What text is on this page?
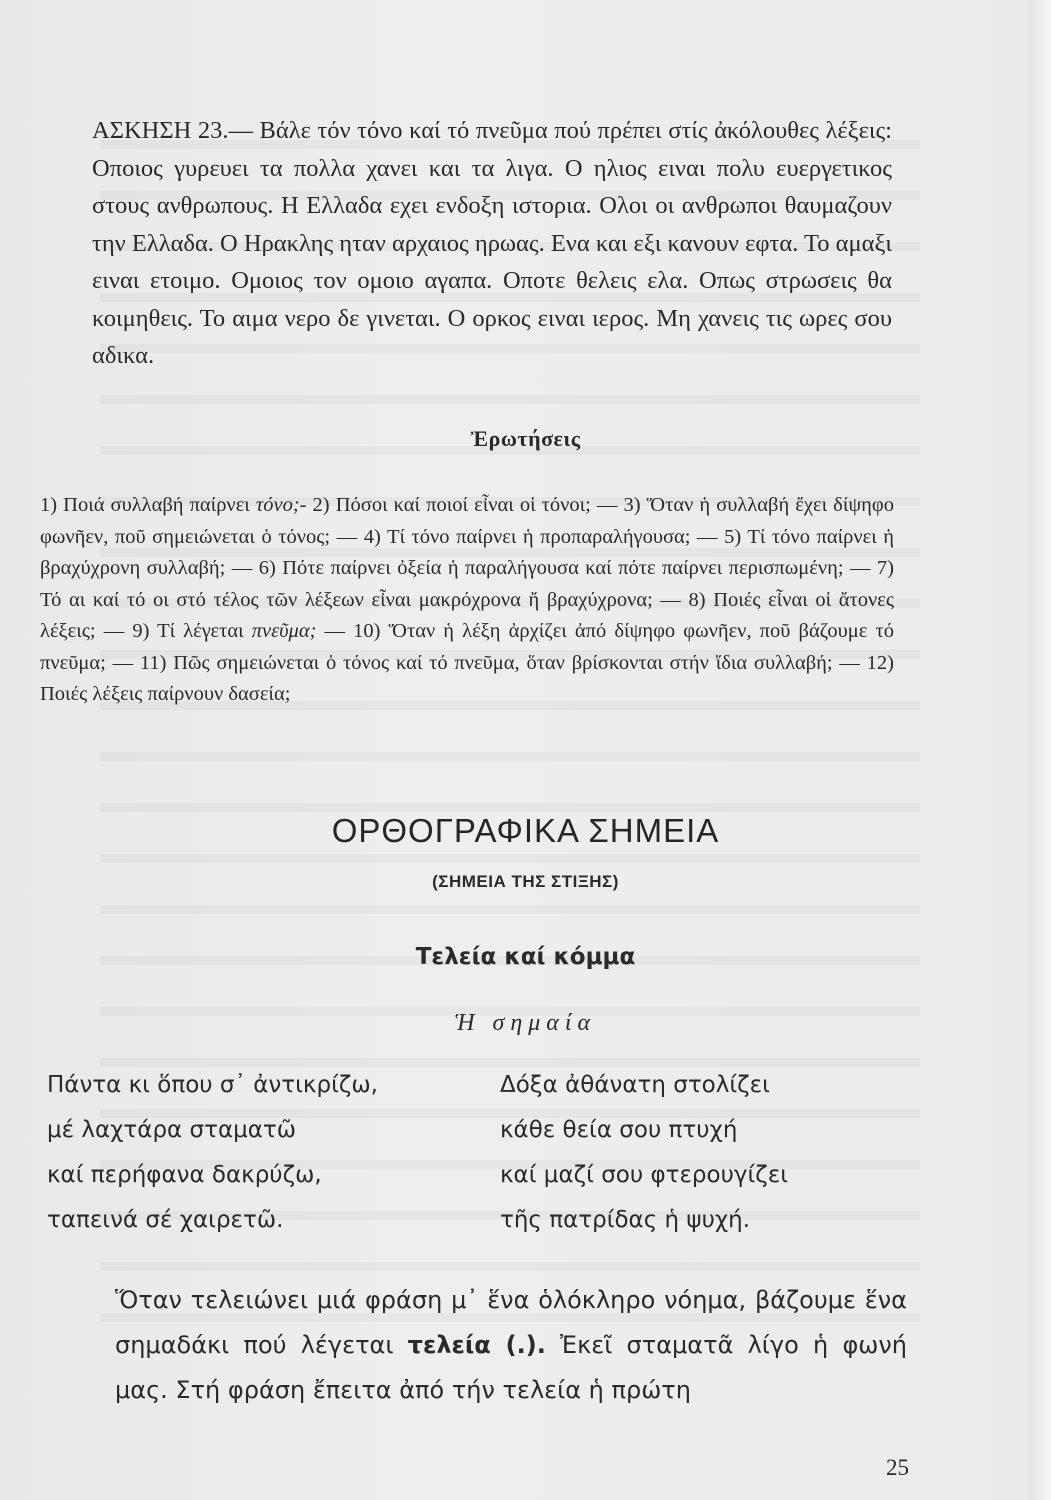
ΑΣΚΗΣΗ 23.— Βάλε τόν τόνο καί τό πνεῦμα πού πρέπει στίς ἀκόλουθες λέξεις: Οποιος γυρευει τα πολλα χανει και τα λιγα. Ο ηλιος ειναι πολυ ευεργετικος στους ανθρωπους. Η Ελλαδα εχει ενδοξη ιστορια. Ολοι οι ανθρωποι θαυμαζουν την Ελλαδα. Ο Ηρακλης ηταν αρχαιος ηρωας. Ενα και εξι κανουν εφτα. Το αμαξι ειναι ετοιμο. Ομοιος τον ομοιο αγαπα. Οποτε θελεις ελα. Οπως στρωσεις θα κοιμηθεις. Το αιμα νερο δε γινεται. Ο ορκος ειναι ιερος. Μη χανεις τις ωρες σου αδικα.
Ἐρωτήσεις
1) Ποιά συλλαβή παίρνει τόνο;- 2) Πόσοι καί ποιοί εἶναι οἱ τόνοι; — 3) Ὅταν ἡ συλλαβή ἔχει δίψηφο φωνῆεν, ποῦ σημειώνεται ὁ τόνος; — 4) Τί τόνο παίρνει ἡ προπαραλήγουσα; — 5) Τί τόνο παίρνει ἡ βραχύχρονη συλλαβή; — 6) Πότε παίρνει ὀξεία ἡ παραλήγουσα καί πότε παίρνει περισπωμένη; — 7) Τό αι καί τό οι στό τέλος τῶν λέξεων εἶναι μακρόχρονα ἤ βραχύχρονα; — 8) Ποιές εἶναι οἱ ἄτονες λέξεις; — 9) Τί λέγεται πνεῦμα; — 10) Ὅταν ἡ λέξη ἀρχίζει ἀπό δίψηφο φωνῆεν, ποῦ βάζουμε τό πνεῦμα; — 11) Πῶς σημειώνεται ὁ τόνος καί τό πνεῦμα, ὅταν βρίσκονται στήν ἴδια συλλαβή; — 12) Ποιές λέξεις παίρνουν δασεία;
ΟΡΘΟΓΡΑΦΙΚΑ ΣΗΜΕΙΑ
(ΣΗΜΕΙΑ ΤΗΣ ΣΤΙΞΗΣ)
Τελεία καί κόμμα
Ἡ σημαία
Πάντα κι ὅπου σ᾽ ἀντικρίζω,
μέ λαχτάρα σταματῶ
καί περήφανα δακρύζω,
ταπεινά σέ χαιρετῶ.
Δόξα ἀθάνατη στολίζει
κάθε θεία σου πτυχή
καί μαζί σου φτερουγίζει
τῆς πατρίδας ἡ ψυχή.
Ὅταν τελειώνει μιά φράση μ᾽ ἕνα ὁλόκληρο νόημα, βάζουμε ἕνα σημαδάκι πού λέγεται τελεία (.). Ἐκεῖ σταματᾶ λίγο ἡ φωνή μας. Στή φράση ἔπειτα ἀπό τήν τελεία ἡ πρώτη
25
